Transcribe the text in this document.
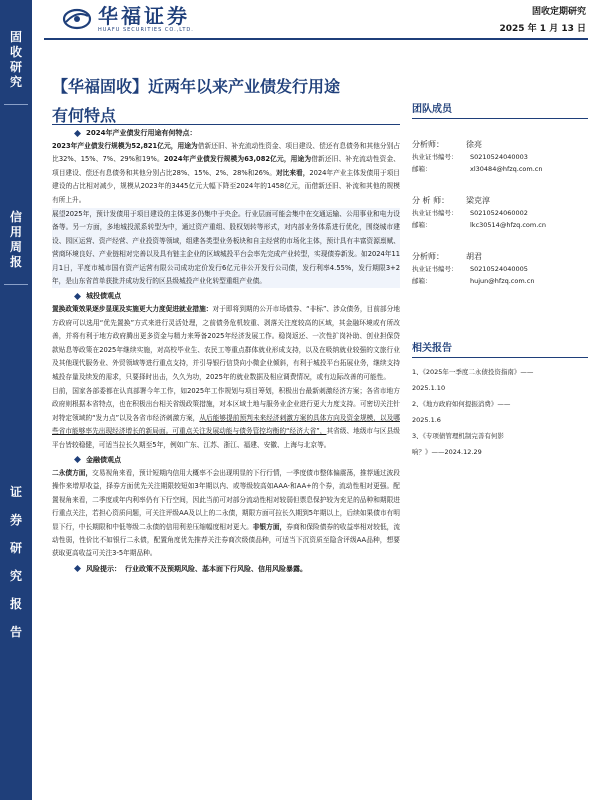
固
收
研
究
信
用
周
报
证
券
研
究
报
告
华福证券
HUAFU SECURITIES CO.,LTD.
固收定期研究
2025 年 1 月 13 日
【华福固收】近两年以来产业债发行用途
有何特点
2024年产业债发行用途有何特点：
2023年产业债发行规模为52,821亿元，用途为借新还旧、补充流动性资金、项目建设、偿还有息债务和其他分别占比32%、15%、7%、29%和19%。2024年产业债发行规模为63,082亿元，用途为借新还旧、补充流动性资金、项目建设、偿还有息债务和其他分别占比28%、15%、2%、28%和26%。对比来看，2024年产业主体发债用于项目建设的占比相对减少，规模从2023年的3445亿元大幅下降至2024年的1458亿元，而借新还旧、补流和其他的规模有所上升。
展望2025年，预计发债用于项目建设的主体更多仍集中于央企。行业层面可能会集中在交通运输、公用事业和电力设备等。另一方面，多地城投派系转型为中，通过资产重组、股权划转等形式，对内部业务体系进行优化，围绕城市建设、园区运营、资产经营、产业投资等领域，组建各类型业务板块和自主经营的市场化主体，预计具有丰富资源禀赋、营商环境良好、产业链相对完善以及具有链主企业的区域城投平台会率先完成产业转型，实现债券新发。如2024年11月1日，平度市城市国有资产运营有限公司成功定价发行6亿元非公开发行公司债，发行利率4.55%，发行期限3+2年，是山东省首单获批并成功发行的区县级城投产业化转型重组产业债。
城投债观点
置换政策效果逐步显现及实施更大力度促进就业措施：对于即将到期的公开市场债券、“非标”、涉众债务，目前部分地方政府可以选用“优先置换”方式来进行灵活处理，之前债务危机较重、剥落关注度较高的区域，其金融环境或有所改善，并将有利于地方政府腾出更多资金与精力来筹备2025年经济发展工作。稳岗返还、一次性扩岗补助、创业担保贷款贴息等政策在2025年继续实施，对高校毕业生、农民工等重点群体就业形成支持，以及在吸纳就业较强的文旅行业及其他现代服务业、外贸领域等进行重点支持，并引导银行信贷向小微企业倾斜，有利于城投平台拓展业务，继续支持城投存量及续发的需求，只要择时出击，久久为功，2025年的就业数据及相应调费情况，或有边际改善的可能性。
目前，国家各部委都在认真部署今年工作，如2025年工作规划与项目筹划，积极出台最新刺激经济方案；各省市地方政府则根据本省特点，也在积极出台相关省级政策措施，对本区域土地与服务业企业进行更大力度支持。可密切关注针对特定领域的“发力点”以及各省市经济刺激方案，从后能够提前预判未来经济刺激方案的具体方向及资金规模，以及哪些省市能够率先出现经济增长的新局面。可重点关注发展动能与债务管控均衡的“经济大省”，其省级、地级市与区县级平台皆较稳健，可适当拉长久期至5年，例如广东、江苏、浙江、福建、安徽、上海与北京等。
金融债观点
二永债方面，交易视角来看，预计短期内信用大概率不会出现明显的下行行情，一季度债市整体偏震荡，推荐通过波段操作来增厚收益，择券方面优先关注期限较短如3年期以内、或等级较高如AAA-和AA+的个券，流动性相对更强。配置视角来看，二季度或年内利率仍有下行空间，因此当前可对部分流动性相对较弱但票息保护较为充足的品种和期限进行重点关注，若担心资质问题，可关注评级AA及以上的二永债，期限方面可拉长久期到5年期以上，后续如果债市有明显下行，中长期限和中低等级二永债的信用利差压缩幅度相对更大。非银方面，券商和保险债券的收益率相对较低，流动性弱，性价比不如银行二永债，配置角度优先推荐关注券商次级债品种，可适当下沉资质至隐含评级AA品种，想要获取更高收益可关注3-5年期品种。
风险提示： 行业政策不及预期风险、基本面下行风险、信用风险暴露。
团队成员
分析师：	徐亮
执业证书编号：	S0210524040003
邮箱：	xl30484@hfzq.com.cn
分 析 师：	梁克淳
执业证书编号：	S0210524060002
邮箱：	lkc30514@hfzq.com.cn
分析师：	胡君
执业证书编号：	S0210524040005
邮箱：	hujun@hfzq.com.cn
相关报告
1、《2025年一季度二永债投资指南》——
2025.1.10
2、《地方政府如何提振消费》——
2025.1.6
3、《专项债管理机制完善有何影
响？》——2024.12.29
